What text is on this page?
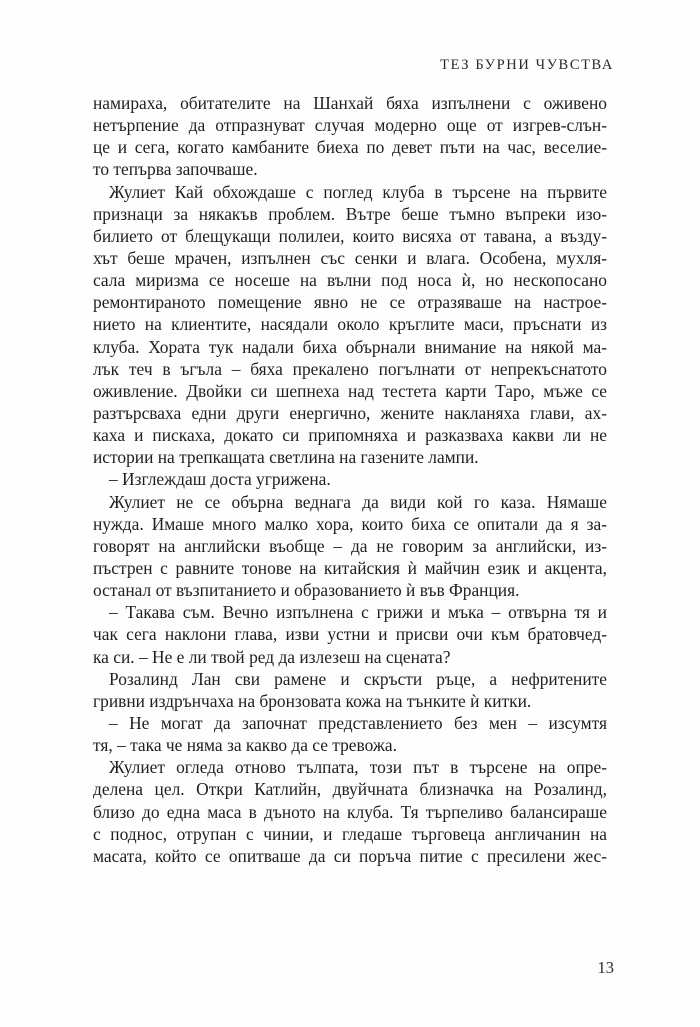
ТЕЗ БУРНИ ЧУВСТВА
намираха, обитателите на Шанхай бяха изпълнени с оживено
нетърпение да отпразнуват случая модерно още от изгрев-слън-
це и сега, когато камбаните биеха по девет пъти на час, веселие-
то тепърва започваше.
Жулиет Кай обхождаше с поглед клуба в търсене на първите
признаци за някакъв проблем. Вътре беше тъмно въпреки изо-
билието от блещукащи полилеи, които висяха от тавана, а възду-
хът беше мрачен, изпълнен със сенки и влага. Особена, мухля-
сала миризма се носеше на вълни под носа ѝ, но нескопосано
ремонтираното помещение явно не се отразяваше на настрое-
нието на клиентите, насядали около кръглите маси, пръснати из
клуба. Хората тук надали биха обърнали внимание на някой ма-
лък теч в ъгъла – бяха прекалено погълнати от непрекъснатото
оживление. Двойки си шепнеха над тестета карти Таро, мъже се
разтърсваха едни други енергично, жените накланяха глави, ах-
каха и пискаха, докато си припомняха и разказваха какви ли не
истории на трепкащата светлина на газените лампи.
– Изглеждаш доста угрижена.
Жулиет не се обърна веднага да види кой го каза. Нямаше
нужда. Имаше много малко хора, които биха се опитали да я за-
говорят на английски въобще – да не говорим за английски, из-
пъстрен с равните тонове на китайския ѝ майчин език и акцента,
останал от възпитанието и образованието ѝ във Франция.
– Такава съм. Вечно изпълнена с грижи и мъка – отвърна тя и
чак сега наклони глава, изви устни и присви очи към братовчед-
ка си. – Не е ли твой ред да излезеш на сцената?
Розалинд Лан сви рамене и скръсти ръце, а нефритените
гривни издрънчаха на бронзовата кожа на тънките ѝ китки.
– Не могат да започнат представлението без мен – изсумтя
тя, – така че няма за какво да се тревожа.
Жулиет огледа отново тълпата, този път в търсене на опре-
делена цел. Откри Катлийн, двуйчната близначка на Розалинд,
близо до една маса в дъното на клуба. Тя търпеливо балансираше
с поднос, отрупан с чинии, и гледаше търговеца англичанин на
масата, който се опитваше да си поръча питие с пресилени жес-
13
